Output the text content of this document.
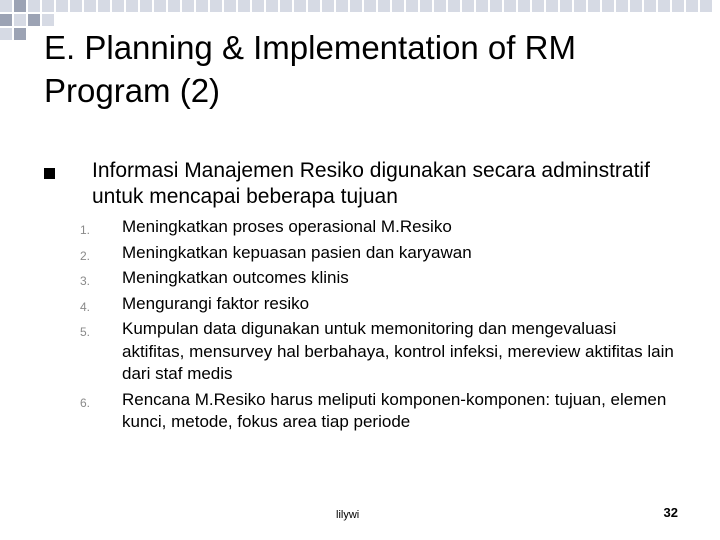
E. Planning & Implementation of RM Program (2)
Informasi Manajemen Resiko digunakan secara adminstratif untuk mencapai beberapa tujuan
1. Meningkatkan proses operasional M.Resiko
2. Meningkatkan kepuasan pasien dan karyawan
3. Meningkatkan outcomes klinis
4. Mengurangi faktor resiko
5. Kumpulan data digunakan untuk memonitoring dan mengevaluasi aktifitas, mensurvey hal berbahaya, kontrol infeksi, mereview aktifitas lain dari staf medis
6. Rencana M.Resiko harus meliputi komponen-komponen: tujuan, elemen kunci, metode, fokus area tiap periode
lilywi	32
